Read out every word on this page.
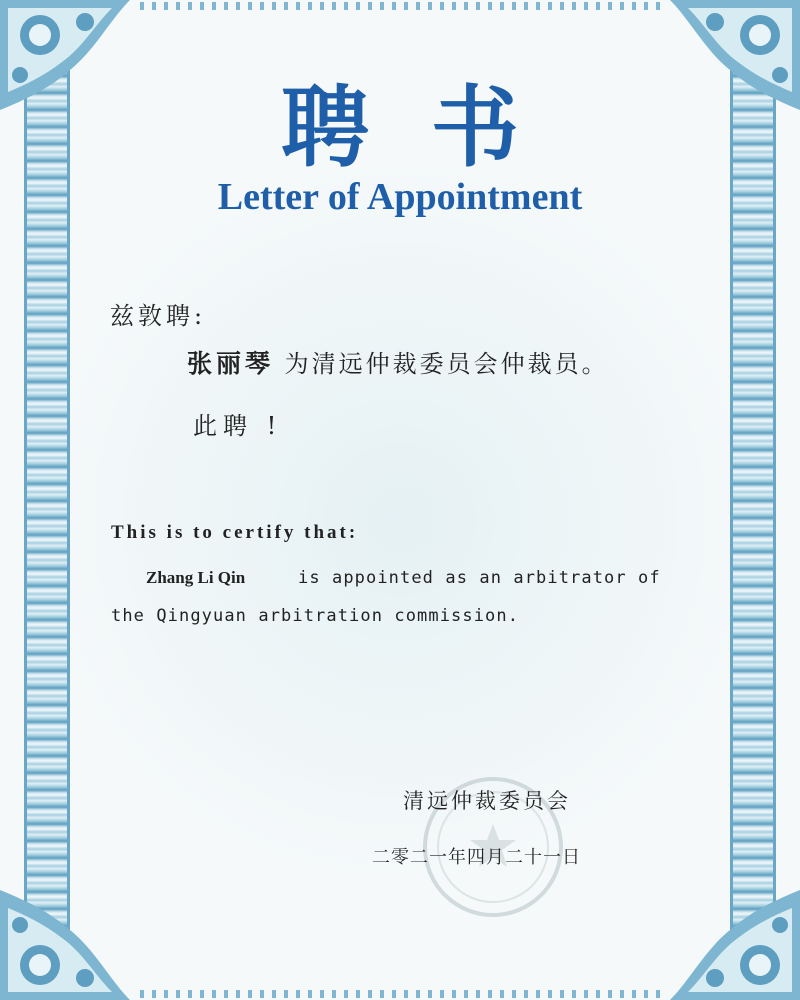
聘书
Letter of Appointment
兹敦聘:
张丽琴 为清远仲裁委员会仲裁员。
此聘 !
This is to certify that:
Zhang Li Qin	is appointed as an arbitrator of
the Qingyuan arbitration commission.
清远仲裁委员会
二零二一年四月二十一日
